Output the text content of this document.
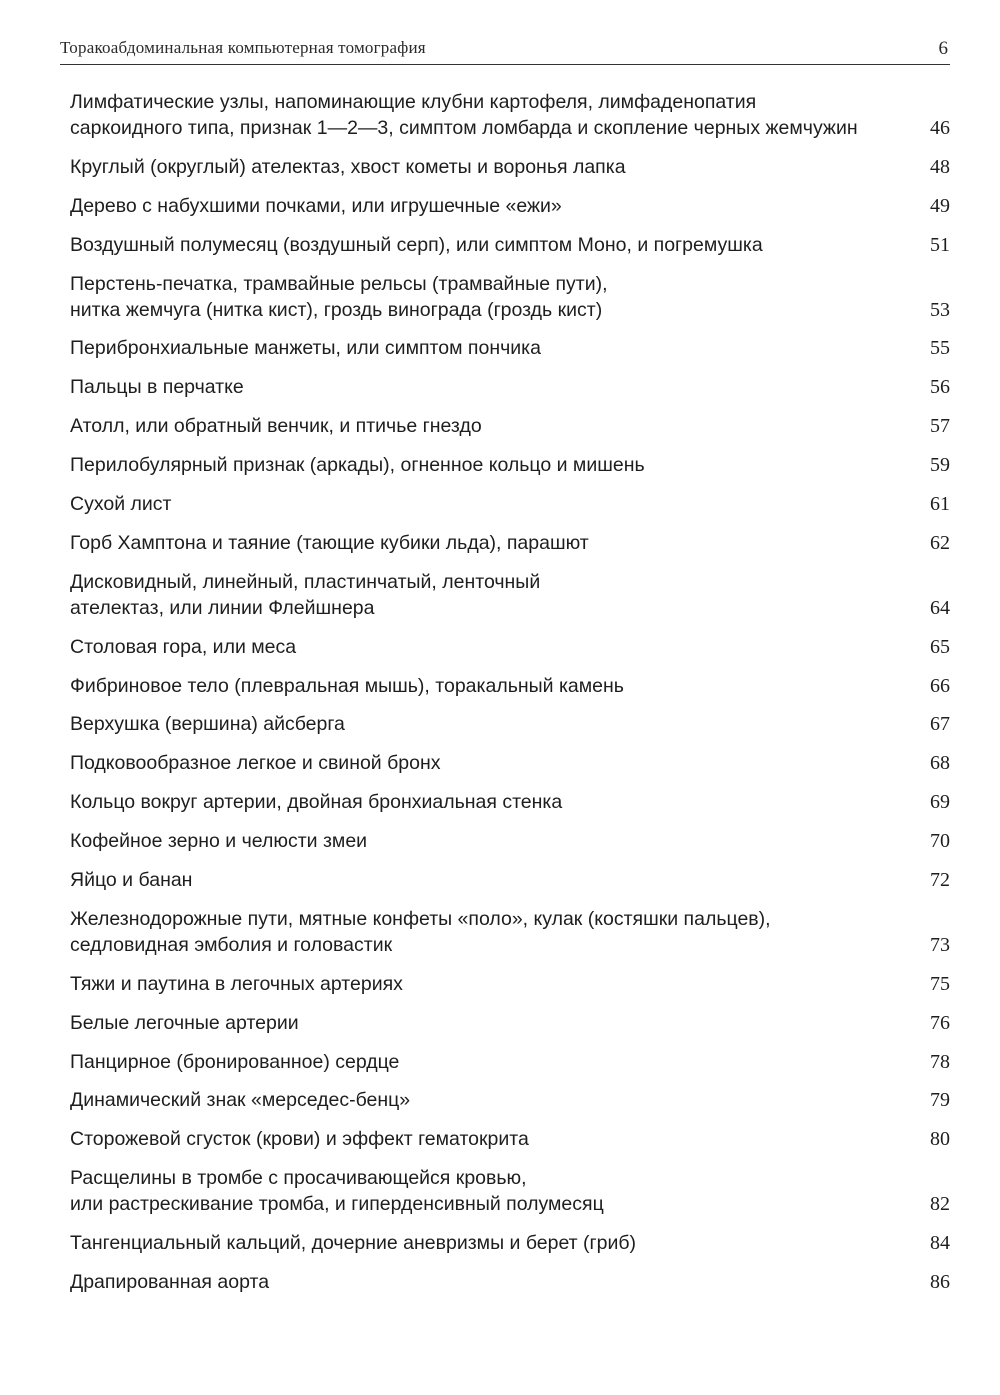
Торакоабдоминальная компьютерная томография	6
Лимфатические узлы, напоминающие клубни картофеля, лимфаденопатия
саркоидного типа, признак 1—2—3, симптом ломбарда и скопление черных жемчужин	46
Круглый (округлый) ателектаз, хвост кометы и воронья лапка	48
Дерево с набухшими почками, или игрушечные «ежи»	49
Воздушный полумесяц (воздушный серп), или симптом Моно, и погремушка	51
Перстень-печатка, трамвайные рельсы (трамвайные пути),
нитка жемчуга (нитка кист), гроздь винограда (гроздь кист)	53
Перибронхиальные манжеты, или симптом пончика	55
Пальцы в перчатке	56
Атолл, или обратный венчик, и птичье гнездо	57
Перилобулярный признак (аркады), огненное кольцо и мишень	59
Сухой лист	61
Горб Хамптона и таяние (тающие кубики льда), парашют	62
Дисковидный, линейный, пластинчатый, ленточный
ателектаз, или линии Флейшнера	64
Столовая гора, или меса	65
Фибриновое тело (плевральная мышь), торакальный камень	66
Верхушка (вершина) айсберга	67
Подковообразное легкое и свиной бронх	68
Кольцо вокруг артерии, двойная бронхиальная стенка	69
Кофейное зерно и челюсти змеи	70
Яйцо и банан	72
Железнодорожные пути, мятные конфеты «поло», кулак (костяшки пальцев),
седловидная эмболия и головастик	73
Тяжи и паутина в легочных артериях	75
Белые легочные артерии	76
Панцирное (бронированное) сердце	78
Динамический знак «мерседес-бенц»	79
Сторожевой сгусток (крови) и эффект гематокрита	80
Расщелины в тромбе с просачивающейся кровью,
или растрескивание тромба, и гиперденсивный полумесяц	82
Тангенциальный кальций, дочерние аневризмы и берет (гриб)	84
Драпированная аорта	86
